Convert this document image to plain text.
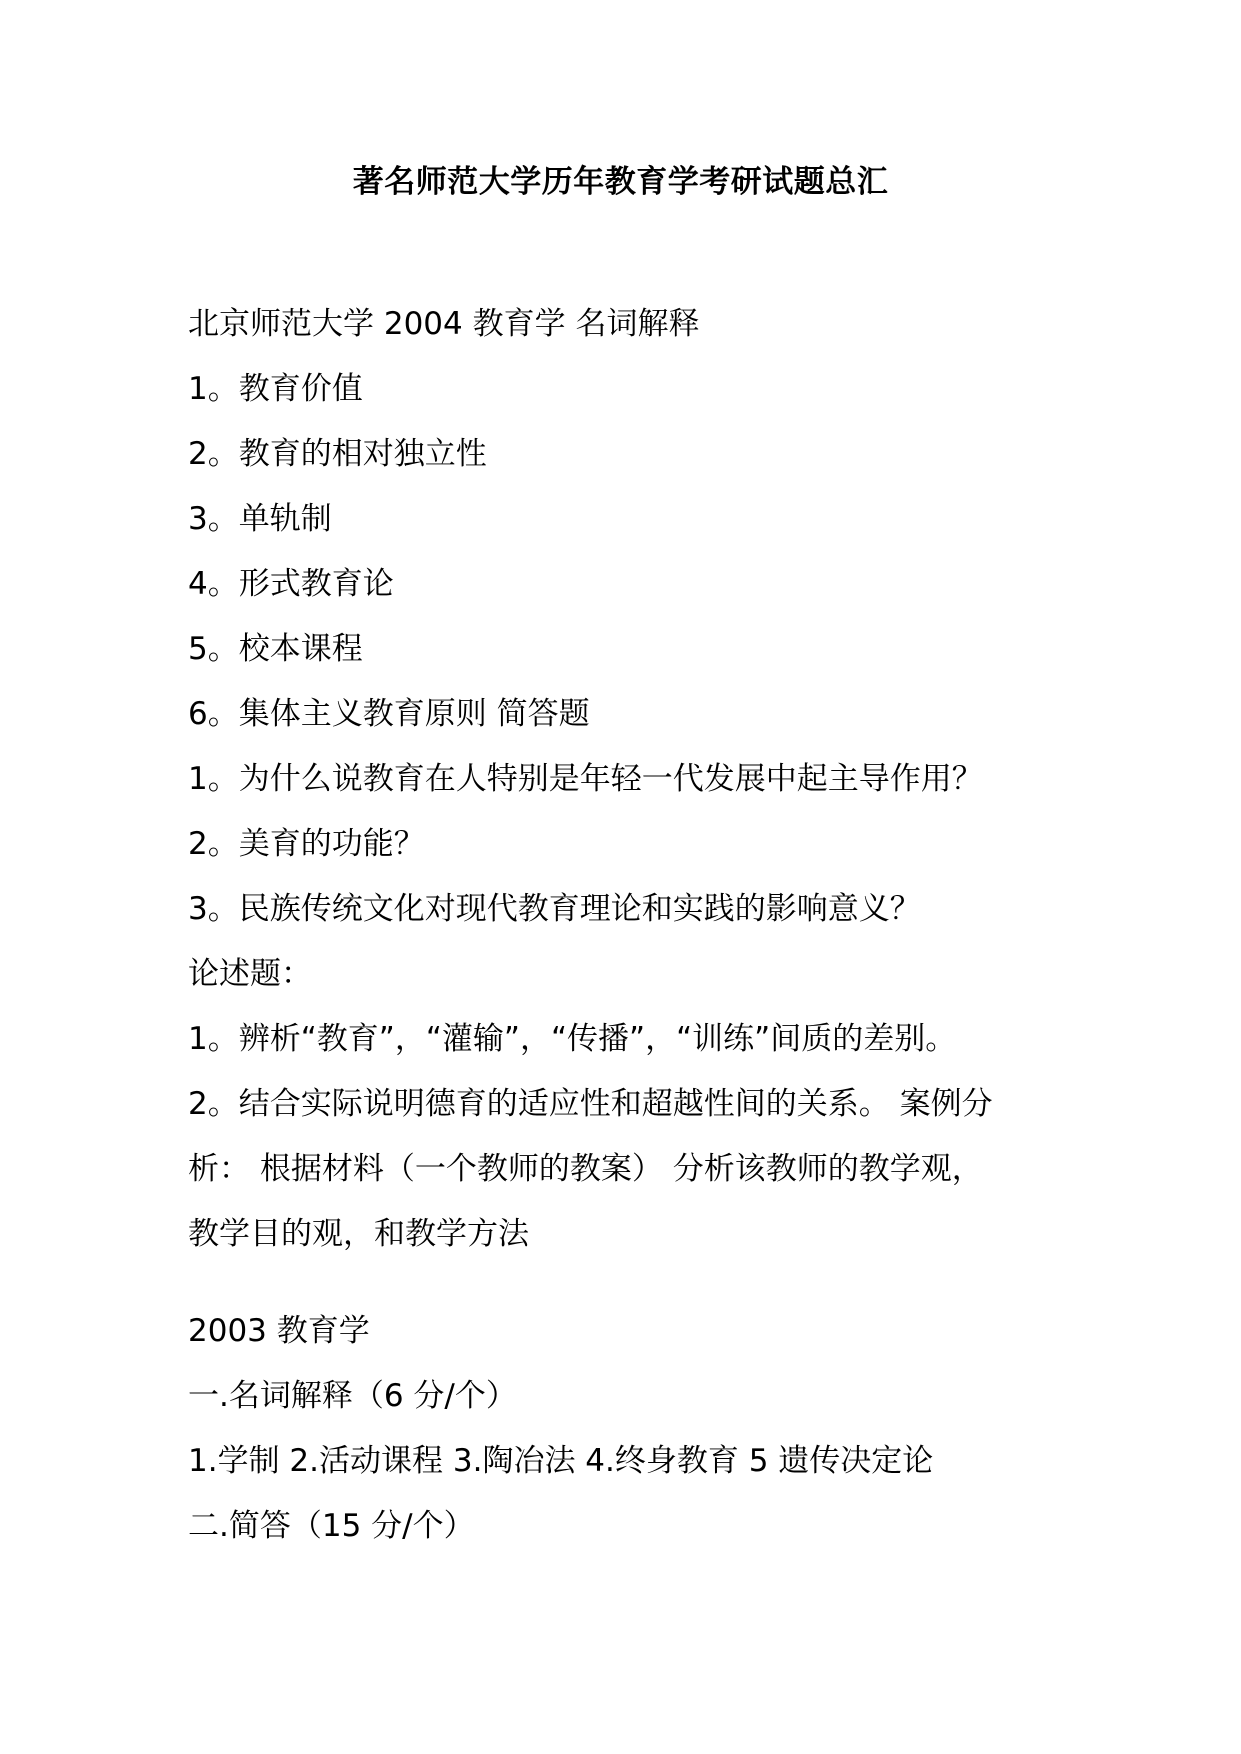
著名师范大学历年教育学考研试题总汇

北京师范大学 2004 教育学 名词解释

1。教育价值

2。教育的相对独立性

3。单轨制

4。形式教育论

5。校本课程

6。集体主义教育原则 简答题

1。为什么说教育在人特别是年轻一代发展中起主导作用？

2。美育的功能？

3。民族传统文化对现代教育理论和实践的影响意义？

论述题：

1。辨析“教育”，“灌输”，“传播”，“训练”间质的差别。

2。结合实际说明德育的适应性和超越性间的关系。 案例分

析： 根据材料（一个教师的教案） 分析该教师的教学观，

教学目的观，和教学方法

2003 教育学

一.名词解释（6 分/个）

1.学制 2.活动课程 3.陶冶法 4.终身教育 5 遗传决定论

二.简答（15 分/个）
